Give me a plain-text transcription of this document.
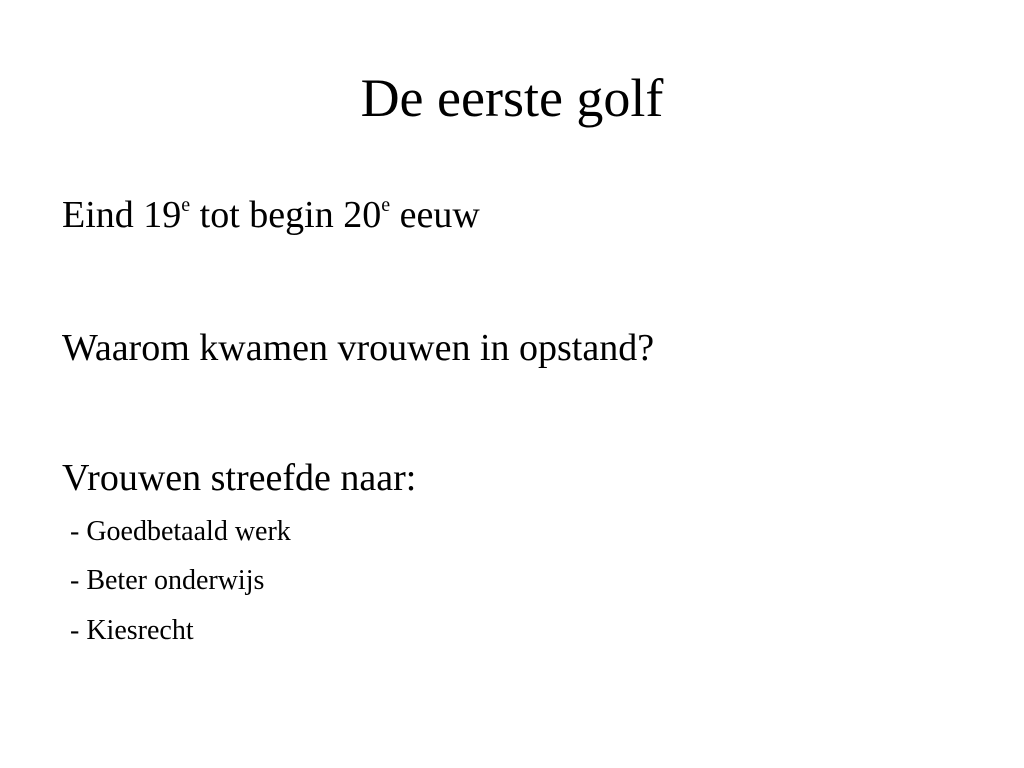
De eerste golf
Eind 19e tot begin 20e eeuw
Waarom kwamen vrouwen in opstand?
Vrouwen streefde naar:
- Goedbetaald werk
- Beter onderwijs
- Kiesrecht
